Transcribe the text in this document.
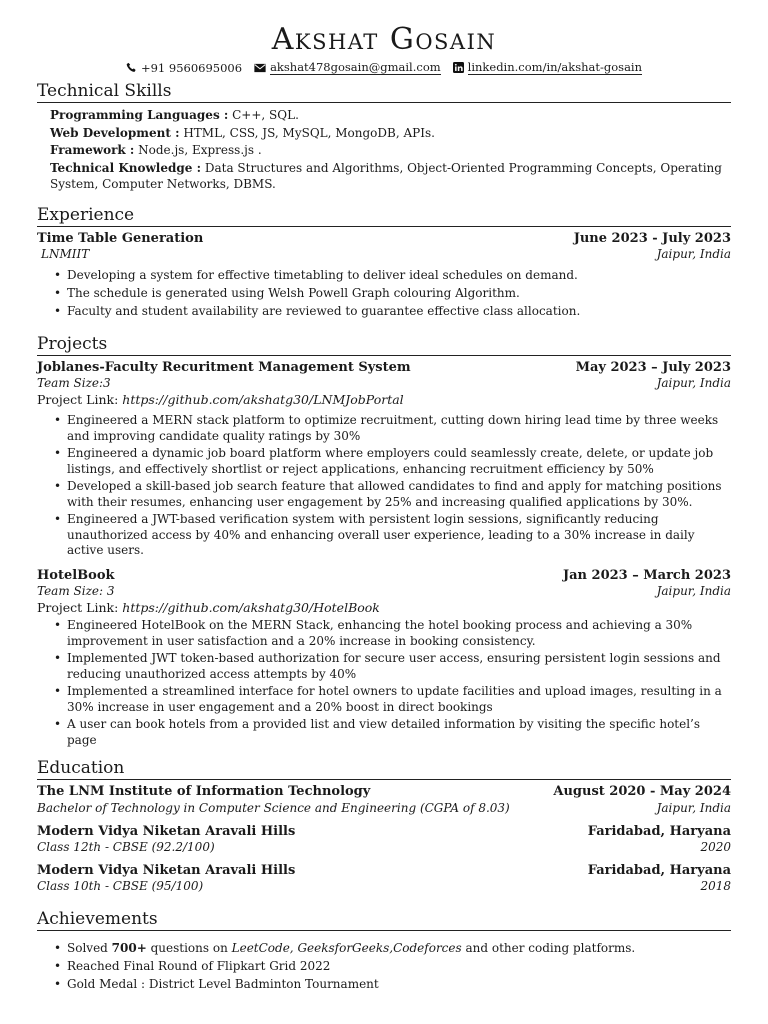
Akshat Gosain
+91 9560695006 akshat478gosain@gmail.com linkedin.com/in/akshat-gosain
Technical Skills
Programming Languages : C++, SQL.
Web Development : HTML, CSS, JS, MySQL, MongoDB, APIs.
Framework : Node.js, Express.js .
Technical Knowledge : Data Structures and Algorithms, Object-Oriented Programming Concepts, Operating System, Computer Networks, DBMS.
Experience
Time Table Generation	June 2023 - July 2023
LNMIIT	Jaipur, India
• Developing a system for effective timetabling to deliver ideal schedules on demand.
• The schedule is generated using Welsh Powell Graph colouring Algorithm.
• Faculty and student availability are reviewed to guarantee effective class allocation.
Projects
Joblanes-Faculty Recuritment Management System	May 2023 – July 2023
Team Size:3	Jaipur, India
Project Link: https://github.com/akshatg30/LNMJobPortal
• Engineered a MERN stack platform to optimize recruitment, cutting down hiring lead time by three weeks and improving candidate quality ratings by 30%
• Engineered a dynamic job board platform where employers could seamlessly create, delete, or update job listings, and effectively shortlist or reject applications, enhancing recruitment efficiency by 50%
• Developed a skill-based job search feature that allowed candidates to find and apply for matching positions with their resumes, enhancing user engagement by 25% and increasing qualified applications by 30%.
• Engineered a JWT-based verification system with persistent login sessions, significantly reducing unauthorized access by 40% and enhancing overall user experience, leading to a 30% increase in daily active users.
HotelBook	Jan 2023 – March 2023
Team Size: 3	Jaipur, India
Project Link: https://github.com/akshatg30/HotelBook
• Engineered HotelBook on the MERN Stack, enhancing the hotel booking process and achieving a 30% improvement in user satisfaction and a 20% increase in booking consistency.
• Implemented JWT token-based authorization for secure user access, ensuring persistent login sessions and reducing unauthorized access attempts by 40%
• Implemented a streamlined interface for hotel owners to update facilities and upload images, resulting in a 30% increase in user engagement and a 20% boost in direct bookings
• A user can book hotels from a provided list and view detailed information by visiting the specific hotel’s page
Education
The LNM Institute of Information Technology	August 2020 - May 2024
Bachelor of Technology in Computer Science and Engineering (CGPA of 8.03)	Jaipur, India
Modern Vidya Niketan Aravali Hills	Faridabad, Haryana
Class 12th - CBSE (92.2/100)	2020
Modern Vidya Niketan Aravali Hills	Faridabad, Haryana
Class 10th - CBSE (95/100)	2018
Achievements
• Solved 700+ questions on LeetCode, GeeksforGeeks,Codeforces and other coding platforms.
• Reached Final Round of Flipkart Grid 2022
• Gold Medal : District Level Badminton Tournament
